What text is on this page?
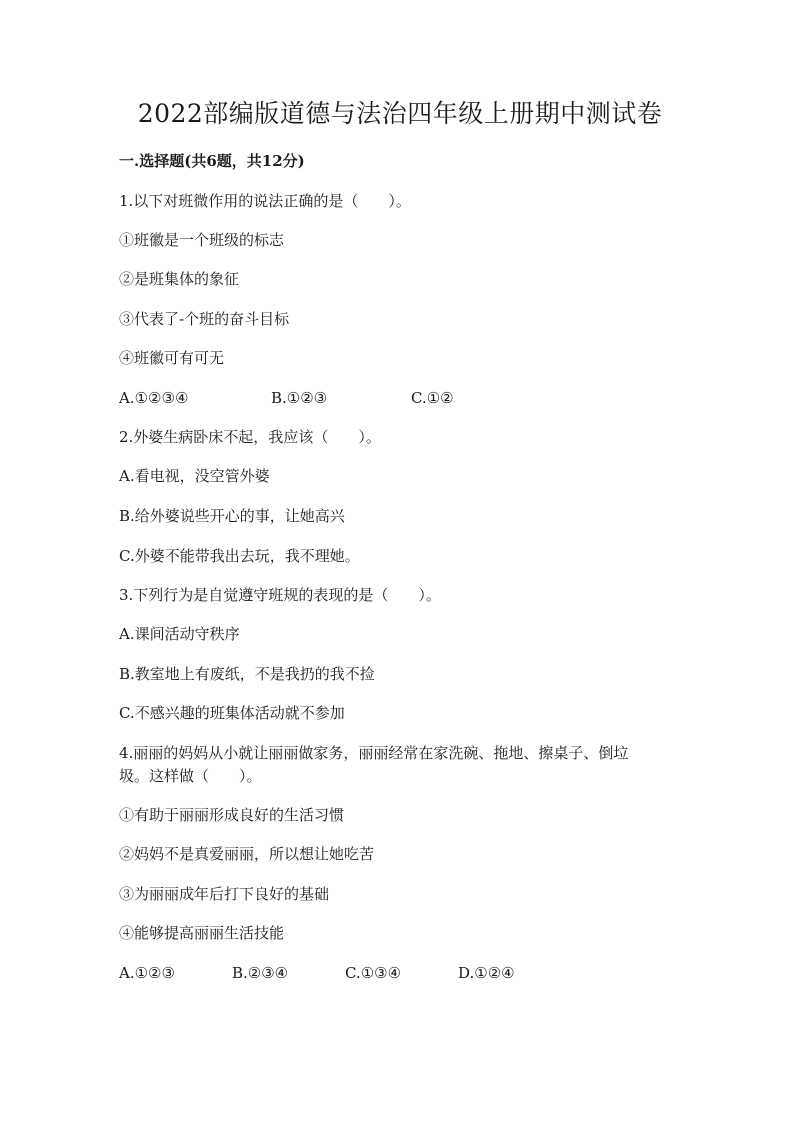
2022部编版道德与法治四年级上册期中测试卷
一.选择题(共6题，共12分)
1.以下对班微作用的说法正确的是（　　）。
①班徽是一个班级的标志
②是班集体的象征
③代表了-个班的奋斗目标
④班徽可有可无
A.①②③④	B.①②③	C.①②
2.外婆生病卧床不起，我应该（　　）。
A.看电视，没空管外婆
B.给外婆说些开心的事，让她高兴
C.外婆不能带我出去玩，我不理她。
3.下列行为是自觉遵守班规的表现的是（　　）。
A.课间活动守秩序
B.教室地上有废纸，不是我扔的我不捡
C.不感兴趣的班集体活动就不参加
4.丽丽的妈妈从小就让丽丽做家务，丽丽经常在家洗碗、拖地、擦桌子、倒垃
圾。这样做（　　）。
①有助于丽丽形成良好的生活习惯
②妈妈不是真爱丽丽，所以想让她吃苦
③为丽丽成年后打下良好的基础
④能够提高丽丽生活技能
A.①②③	B.②③④	C.①③④	D.①②④
